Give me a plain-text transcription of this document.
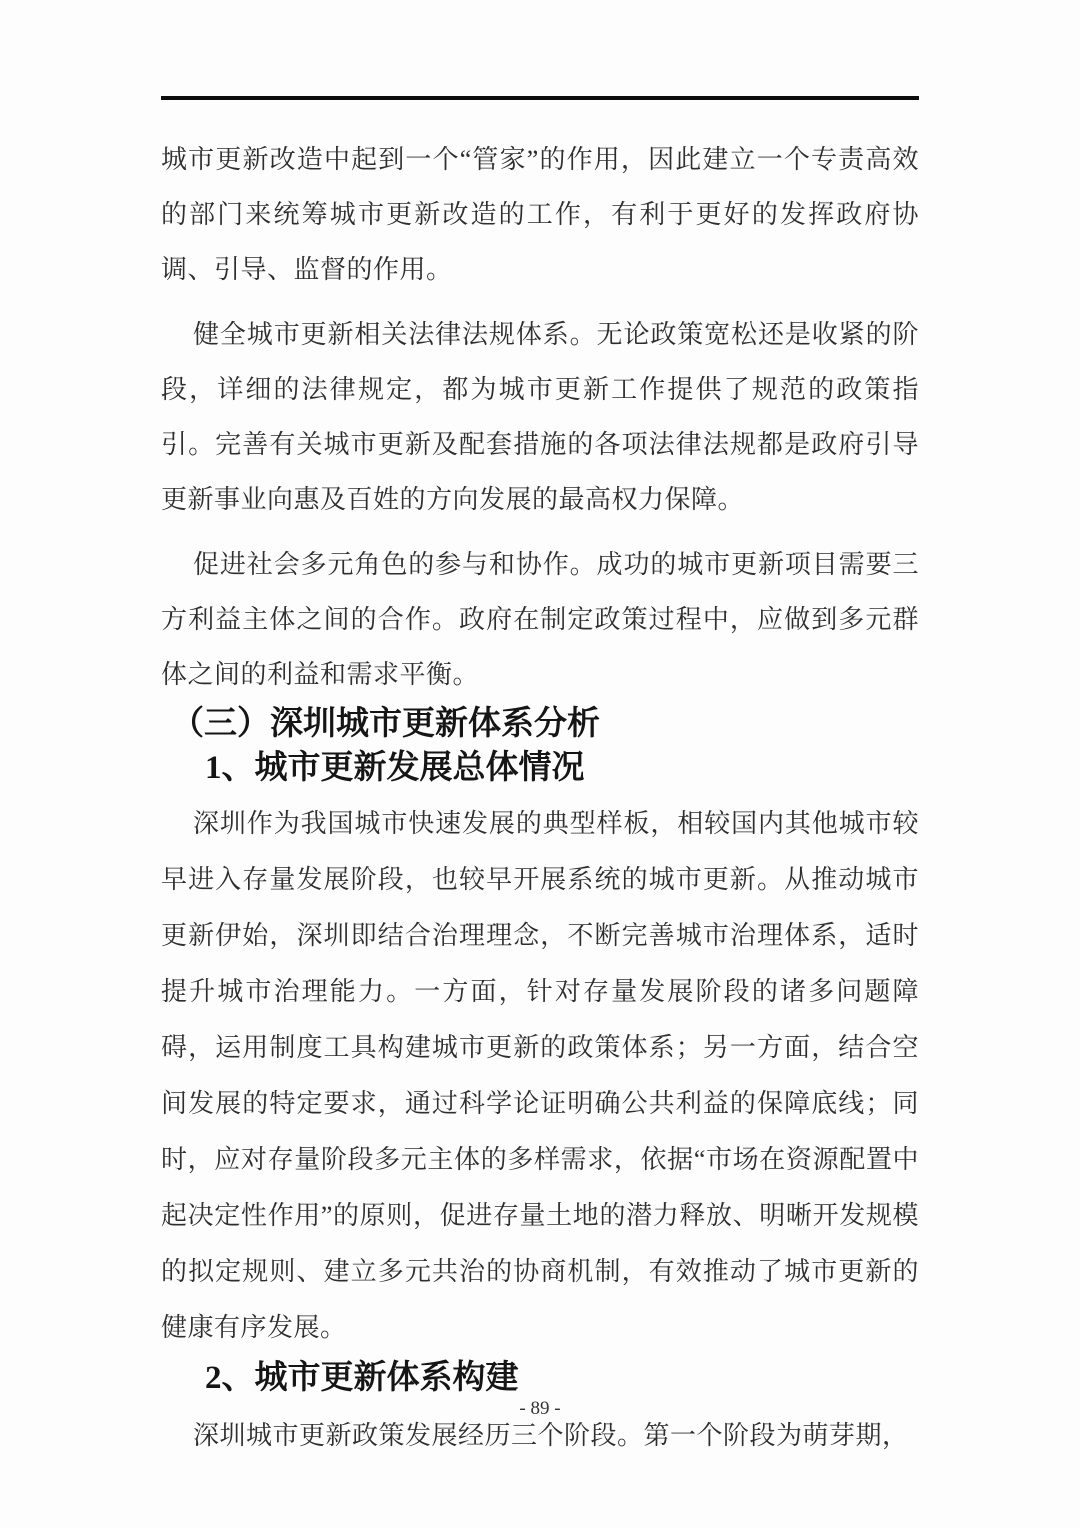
城市更新改造中起到一个“管家”的作用，因此建立一个专责高效的部门来统筹城市更新改造的工作，有利于更好的发挥政府协调、引导、监督的作用。

健全城市更新相关法律法规体系。无论政策宽松还是收紧的阶段，详细的法律规定，都为城市更新工作提供了规范的政策指引。完善有关城市更新及配套措施的各项法律法规都是政府引导更新事业向惠及百姓的方向发展的最高权力保障。

促进社会多元角色的参与和协作。成功的城市更新项目需要三方利益主体之间的合作。政府在制定政策过程中，应做到多元群体之间的利益和需求平衡。

（三）深圳城市更新体系分析
1、城市更新发展总体情况

深圳作为我国城市快速发展的典型样板，相较国内其他城市较早进入存量发展阶段，也较早开展系统的城市更新。从推动城市更新伊始，深圳即结合治理理念，不断完善城市治理体系，适时提升城市治理能力。一方面，针对存量发展阶段的诸多问题障碍，运用制度工具构建城市更新的政策体系；另一方面，结合空间发展的特定要求，通过科学论证明确公共利益的保障底线；同时，应对存量阶段多元主体的多样需求，依据“市场在资源配置中起决定性作用”的原则，促进存量土地的潜力释放、明晰开发规模的拟定规则、建立多元共治的协商机制，有效推动了城市更新的健康有序发展。

2、城市更新体系构建

深圳城市更新政策发展经历三个阶段。第一个阶段为萌芽期，

- 89 -
